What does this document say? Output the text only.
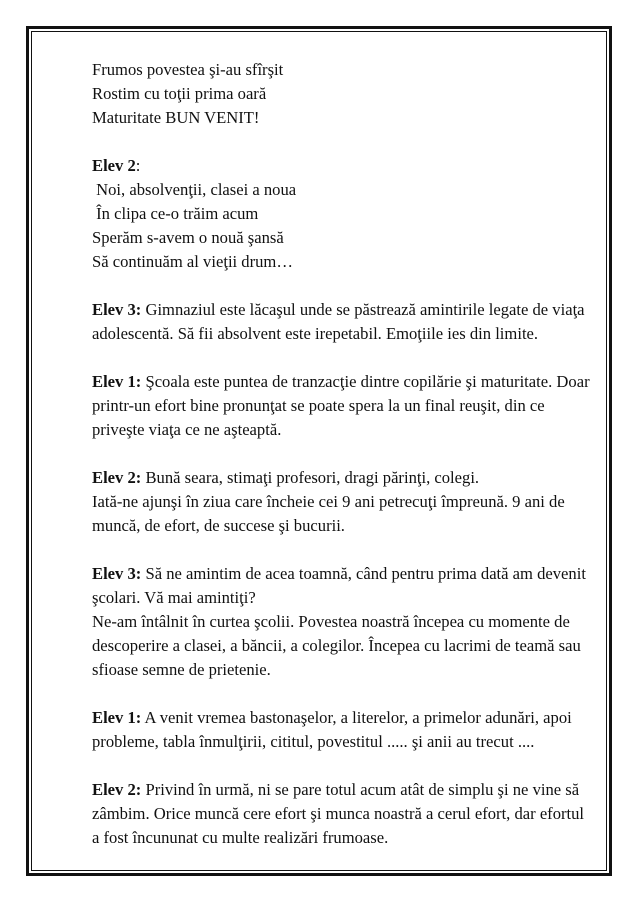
Frumos povestea şi-au sfîrşit
Rostim cu toţii prima oară
Maturitate BUN VENIT!
Elev 2:
Noi, absolvenţii, clasei a noua
În clipa ce-o trăim acum
Sperăm s-avem o nouă şansă
Să continuăm al vieţii drum…
Elev 3: Gimnaziul este lăcaşul unde se păstrează amintirile legate de viaţa adolescentă. Să fii absolvent este irepetabil. Emoţiile ies din limite.
Elev 1: Şcoala este puntea de tranzacţie dintre copilărie şi maturitate. Doar printr-un efort bine pronunţat se poate spera la un final reuşit, din ce priveşte viaţa ce ne aşteaptă.
Elev 2: Bună seara, stimaţi profesori, dragi părinţi, colegi.
Iată-ne ajunşi în ziua care încheie cei 9 ani petrecuţi împreună. 9 ani de muncă, de efort, de succese şi bucurii.
Elev 3: Să ne amintim de acea toamnă, când pentru prima dată am devenit şcolari. Vă mai amintiţi?
Ne-am întâlnit în curtea şcolii. Povestea noastră începea cu momente de descoperire a clasei, a băncii, a colegilor. Începea cu lacrimi de teamă sau sfioase semne de prietenie.
Elev 1: A venit vremea bastonaşelor, a literelor, a primelor adunări, apoi probleme, tabla înmulţirii, cititul, povestitul ..... şi anii au trecut ....
Elev 2: Privind în urmă, ni se pare totul acum atât de simplu şi ne vine să zâmbim. Orice muncă cere efort şi munca noastră a cerul efort, dar efortul a fost încununat cu multe realizări frumoase.
